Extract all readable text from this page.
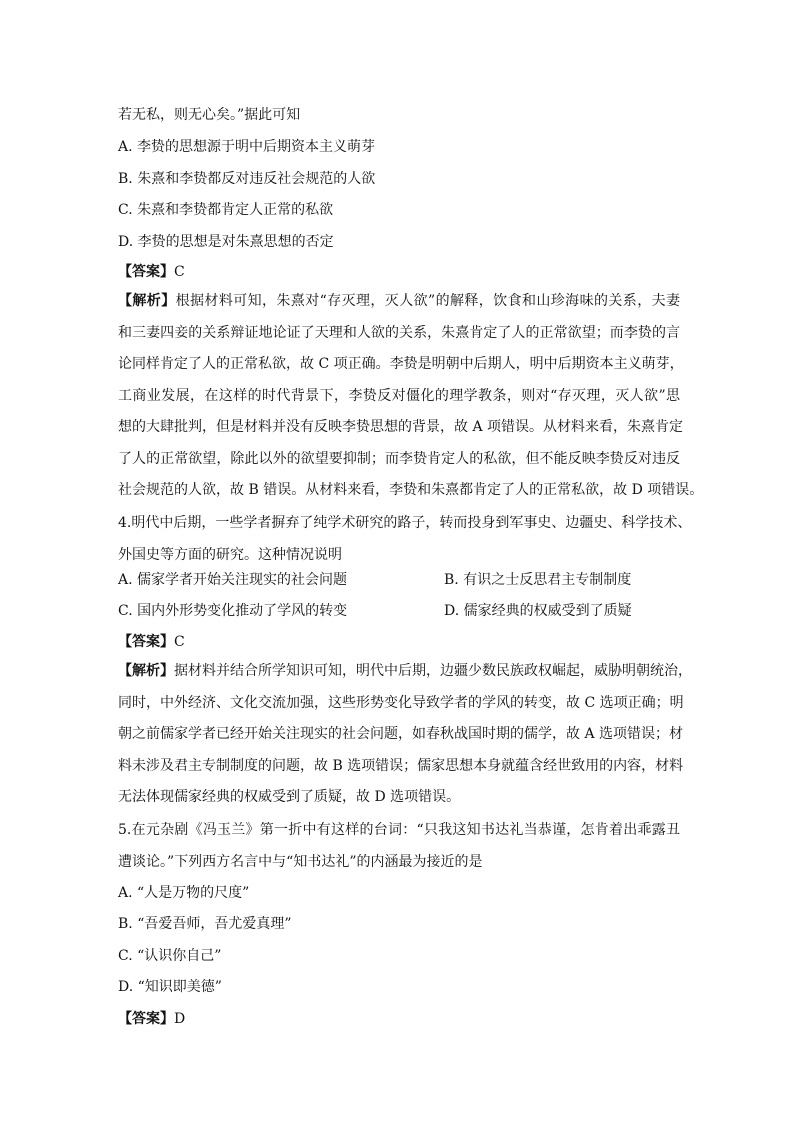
若无私，则无心矣。”据此可知
A. 李贽的思想源于明中后期资本主义萌芽
B. 朱熹和李贽都反对违反社会规范的人欲
C. 朱熹和李贽都肯定人正常的私欲
D. 李贽的思想是对朱熹思想的否定
【答案】C
【解析】根据材料可知，朱熹对“存灭理，灭人欲”的解释，饮食和山珍海味的关系，夫妻
和三妻四妾的关系辩证地论证了天理和人欲的关系，朱熹肯定了人的正常欲望；而李贽的言
论同样肯定了人的正常私欲，故 C 项正确。李贽是明朝中后期人，明中后期资本主义萌芽，
工商业发展，在这样的时代背景下，李贽反对僵化的理学教条，则对“存灭理，灭人欲”思
想的大肆批判，但是材料并没有反映李贽思想的背景，故 A 项错误。从材料来看，朱熹肯定
了人的正常欲望，除此以外的欲望要抑制；而李贽肯定人的私欲，但不能反映李贽反对违反
社会规范的人欲，故 B 错误。从材料来看，李贽和朱熹都肯定了人的正常私欲，故 D 项错误。
4.明代中后期，一些学者摒弃了纯学术研究的路子，转而投身到军事史、边疆史、科学技术、
外国史等方面的研究。这种情况说明
A. 儒家学者开始关注现实的社会问题	B. 有识之士反思君主专制制度
C. 国内外形势变化推动了学风的转变	D. 儒家经典的权威受到了质疑
【答案】C
【解析】据材料并结合所学知识可知，明代中后期，边疆少数民族政权崛起，威胁明朝统治，
同时，中外经济、文化交流加强，这些形势变化导致学者的学风的转变，故 C 选项正确；明
朝之前儒家学者已经开始关注现实的社会问题，如春秋战国时期的儒学，故 A 选项错误；材
料未涉及君主专制制度的问题，故 B 选项错误；儒家思想本身就蕴含经世致用的内容，材料
无法体现儒家经典的权威受到了质疑，故 D 选项错误。
5.在元杂剧《冯玉兰》第一折中有这样的台词：“只我这知书达礼当恭谨，怎肯着出乖露丑
遭谈论。”下列西方名言中与“知书达礼”的内涵最为接近的是
A. “人是万物的尺度”
B. “吾爱吾师，吾尤爱真理”
C. “认识你自己”
D. “知识即美德”
【答案】D
